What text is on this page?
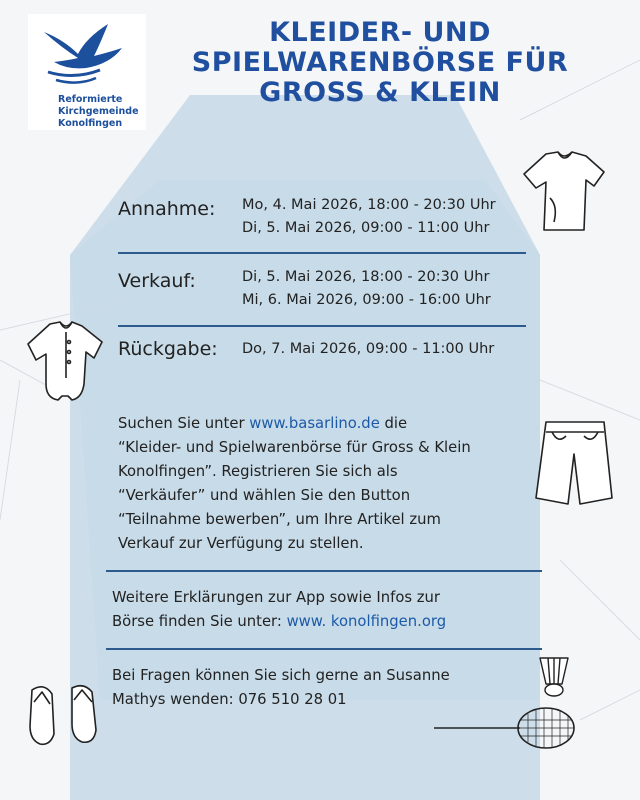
Reformierte
Kirchgemeinde
Konolfingen
KLEIDER- UND
SPIELWARENBÖRSE FÜR
GROSS & KLEIN
Annahme: Mo, 4. Mai 2026, 18:00 - 20:30 Uhr
Di, 5. Mai 2026, 09:00 - 11:00 Uhr
Verkauf:	Di, 5. Mai 2026, 18:00 - 20:30 Uhr
Mi, 6. Mai 2026, 09:00 - 16:00 Uhr
Rückgabe: Do, 7. Mai 2026, 09:00 - 11:00 Uhr
Suchen Sie unter www.basarlino.de die
“Kleider- und Spielwarenbörse für Gross & Klein
Konolfingen”. Registrieren Sie sich als
“Verkäufer” und wählen Sie den Button
“Teilnahme bewerben”, um Ihre Artikel zum
Verkauf zur Verfügung zu stellen.
Weitere Erklärungen zur App sowie Infos zur
Börse finden Sie unter: www. konolfingen.org
Bei Fragen können Sie sich gerne an Susanne
Mathys wenden: 076 510 28 01
